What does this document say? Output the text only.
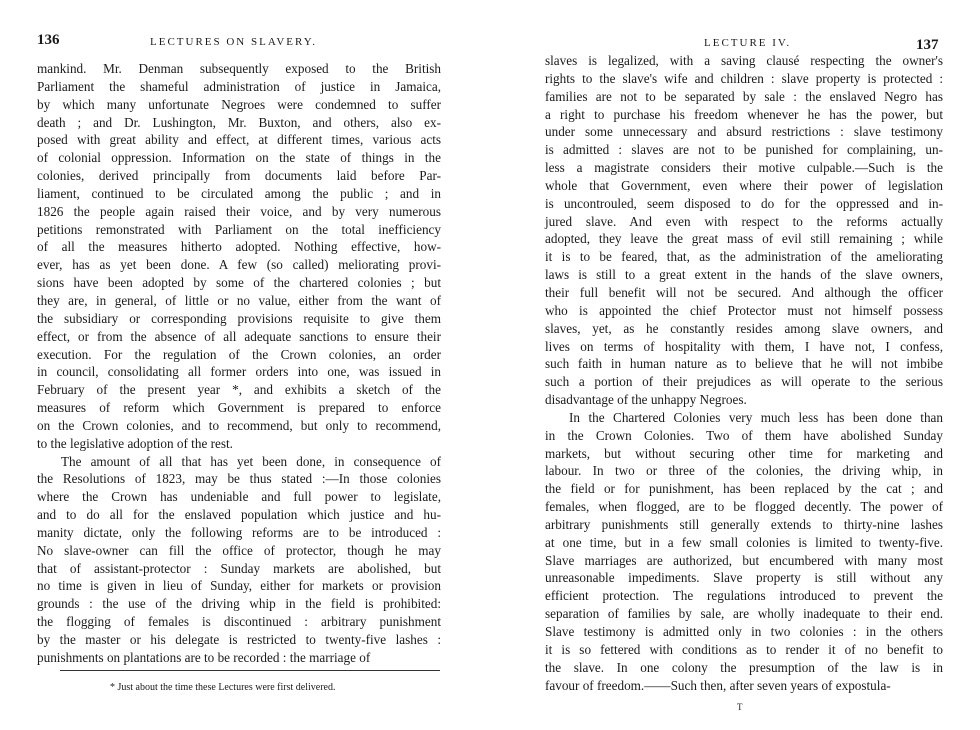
136	LECTURES ON SLAVERY.
mankind. Mr. Denman subsequently exposed to the British
Parliament the shameful administration of justice in Jamaica,
by which many unfortunate Negroes were condemned to suffer
death ; and Dr. Lushington, Mr. Buxton, and others, also ex-
posed with great ability and effect, at different times, various acts
of colonial oppression. Information on the state of things in the
colonies, derived principally from documents laid before Par-
liament, continued to be circulated among the public ; and in
1826 the people again raised their voice, and by very numerous
petitions remonstrated with Parliament on the total inefficiency
of all the measures hitherto adopted. Nothing effective, how-
ever, has as yet been done. A few (so called) meliorating provi-
sions have been adopted by some of the chartered colonies ; but
they are, in general, of little or no value, either from the want of
the subsidiary or corresponding provisions requisite to give them
effect, or from the absence of all adequate sanctions to ensure their
execution. For the regulation of the Crown colonies, an order
in council, consolidating all former orders into one, was issued in
February of the present year *, and exhibits a sketch of the
measures of reform which Government is prepared to enforce
on the Crown colonies, and to recommend, but only to recommend,
to the legislative adoption of the rest.
The amount of all that has yet been done, in consequence of
the Resolutions of 1823, may be thus stated :—In those colonies
where the Crown has undeniable and full power to legislate,
and to do all for the enslaved population which justice and hu-
manity dictate, only the following reforms are to be introduced :
No slave-owner can fill the office of protector, though he may
that of assistant-protector : Sunday markets are abolished, but
no time is given in lieu of Sunday, either for markets or provision
grounds : the use of the driving whip in the field is prohibited:
the flogging of females is discontinued : arbitrary punishment
by the master or his delegate is restricted to twenty-five lashes :
punishments on plantations are to be recorded : the marriage of
* Just about the time these Lectures were first delivered.
LECTURE IV.	137
slaves is legalized, with a saving clausé respecting the owner's
rights to the slave's wife and children : slave property is protected :
families are not to be separated by sale : the enslaved Negro has
a right to purchase his freedom whenever he has the power, but
under some unnecessary and absurd restrictions : slave testimony
is admitted : slaves are not to be punished for complaining, un-
less a magistrate considers their motive culpable.—Such is the
whole that Government, even where their power of legislation
is uncontrouled, seem disposed to do for the oppressed and in-
jured slave. And even with respect to the reforms actually
adopted, they leave the great mass of evil still remaining ; while
it is to be feared, that, as the administration of the ameliorating
laws is still to a great extent in the hands of the slave owners,
their full benefit will not be secured. And although the officer
who is appointed the chief Protector must not himself possess
slaves, yet, as he constantly resides among slave owners, and
lives on terms of hospitality with them, I have not, I confess,
such faith in human nature as to believe that he will not imbibe
such a portion of their prejudices as will operate to the serious
disadvantage of the unhappy Negroes.
In the Chartered Colonies very much less has been done than
in the Crown Colonies. Two of them have abolished Sunday
markets, but without securing other time for marketing and
labour. In two or three of the colonies, the driving whip, in
the field or for punishment, has been replaced by the cat ; and
females, when flogged, are to be flogged decently. The power of
arbitrary punishments still generally extends to thirty-nine lashes
at one time, but in a few small colonies is limited to twenty-five.
Slave marriages are authorized, but encumbered with many most
unreasonable impediments. Slave property is still without any
efficient protection. The regulations introduced to prevent the
separation of families by sale, are wholly inadequate to their end.
Slave testimony is admitted only in two colonies : in the others
it is so fettered with conditions as to render it of no benefit to
the slave. In one colony the presumption of the law is in
favour of freedom.——Such then, after seven years of expostula-
T
